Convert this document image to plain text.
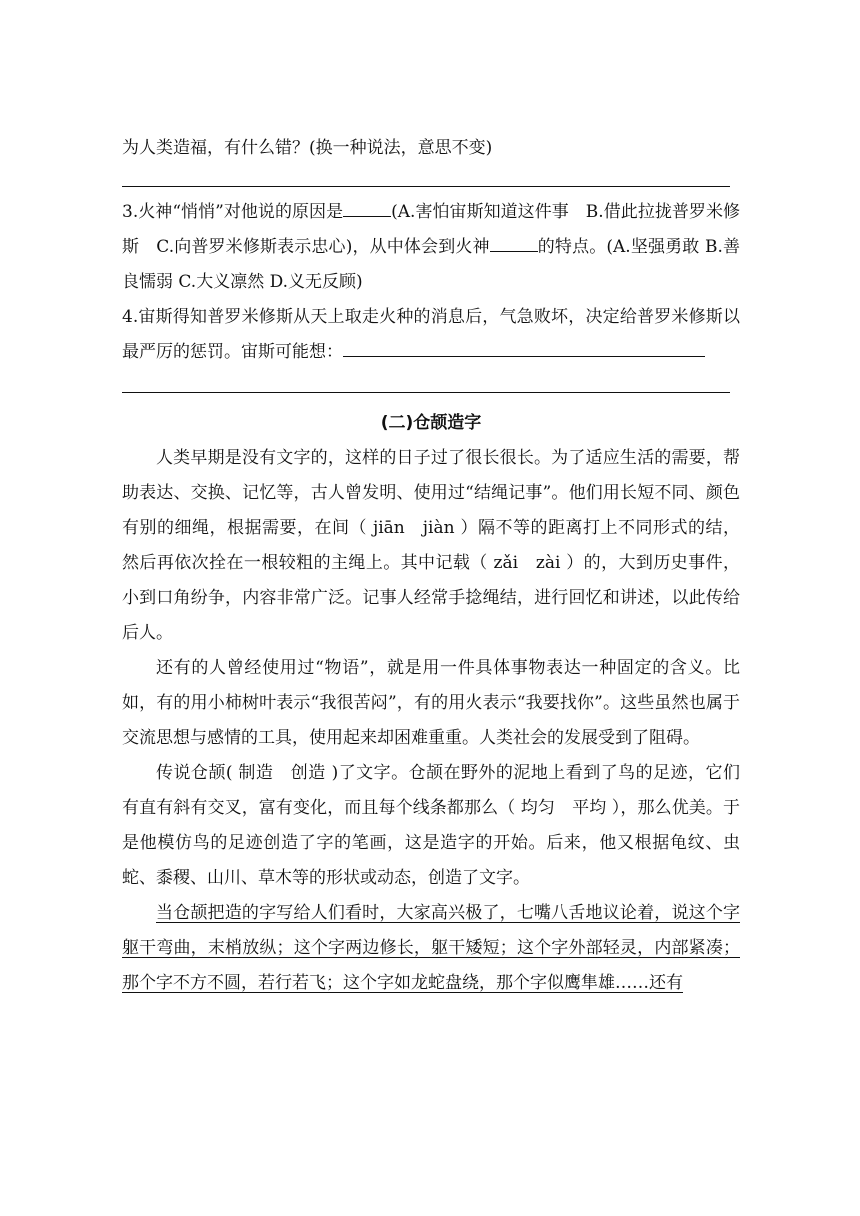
为人类造福，有什么错？(换一种说法，意思不变)

3.火神“悄悄”对他说的原因是	(A.害怕宙斯知道这件事　B.借此拉拢普罗米修斯　C.向普罗米修斯表示忠心)，从中体会到火神	的特点。(A.坚强勇敢 B.善良懦弱 C.大义凛然 D.义无反顾)

4.宙斯得知普罗米修斯从天上取走火种的消息后，气急败坏，决定给普罗米修斯以最严厉的惩罚。宙斯可能想：

(二)仓颉造字

人类早期是没有文字的，这样的日子过了很长很长。为了适应生活的需要，帮助表达、交换、记忆等，古人曾发明、使用过“结绳记事”。他们用长短不同、颜色有别的细绳，根据需要，在间（ jiān　jiàn ）隔不等的距离打上不同形式的结，然后再依次拴在一根较粗的主绳上。其中记载（ zǎi　zài ）的，大到历史事件，小到口角纷争，内容非常广泛。记事人经常手捻绳结，进行回忆和讲述，以此传给后人。

还有的人曾经使用过“物语”，就是用一件具体事物表达一种固定的含义。比如，有的用小柿树叶表示“我很苦闷”，有的用火表示“我要找你”。这些虽然也属于交流思想与感情的工具，使用起来却困难重重。人类社会的发展受到了阻碍。

传说仓颉( 制造　创造 )了文字。仓颉在野外的泥地上看到了鸟的足迹，它们有直有斜有交叉，富有变化，而且每个线条都那么（ 均匀　平均 ），那么优美。于是他模仿鸟的足迹创造了字的笔画，这是造字的开始。后来，他又根据龟纹、虫蛇、黍稷、山川、草木等的形状或动态，创造了文字。

当仓颉把造的字写给人们看时，大家高兴极了，七嘴八舌地议论着，说这个字躯干弯曲，末梢放纵；这个字两边修长，躯干矮短；这个字外部轻灵，内部紧凑；那个字不方不圆，若行若飞；这个字如龙蛇盘绕，那个字似鹰隼雄……还有
